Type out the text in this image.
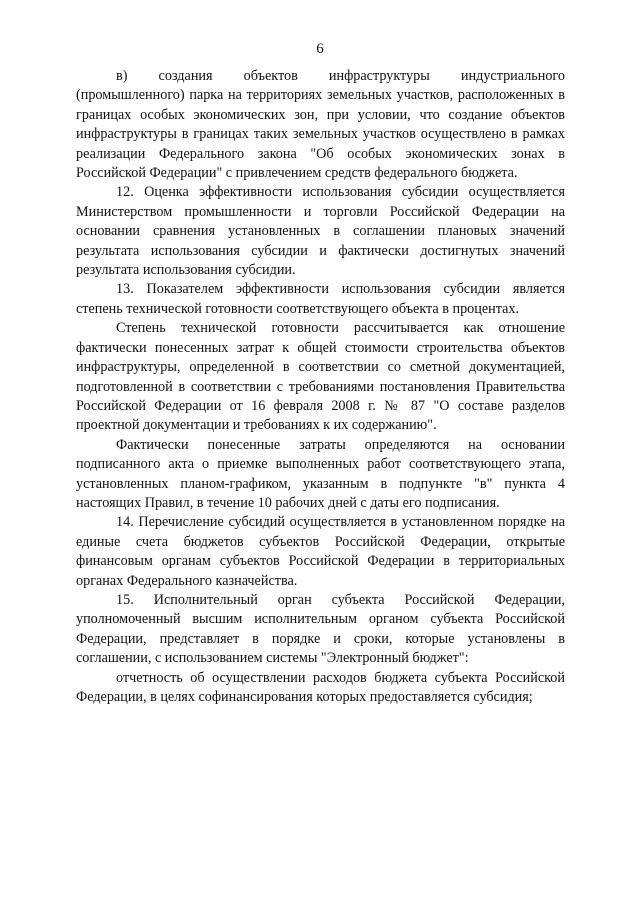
6

в) создания объектов инфраструктуры индустриального (промышленного) парка на территориях земельных участков, расположенных в границах особых экономических зон, при условии, что создание объектов инфраструктуры в границах таких земельных участков осуществлено в рамках реализации Федерального закона "Об особых экономических зонах в Российской Федерации" с привлечением средств федерального бюджета.

12. Оценка эффективности использования субсидии осуществляется Министерством промышленности и торговли Российской Федерации на основании сравнения установленных в соглашении плановых значений результата использования субсидии и фактически достигнутых значений результата использования субсидии.

13. Показателем эффективности использования субсидии является степень технической готовности соответствующего объекта в процентах.

Степень технической готовности рассчитывается как отношение фактически понесенных затрат к общей стоимости строительства объектов инфраструктуры, определенной в соответствии со сметной документацией, подготовленной в соответствии с требованиями постановления Правительства Российской Федерации от 16 февраля 2008 г. № 87 "О составе разделов проектной документации и требованиях к их содержанию".

Фактически понесенные затраты определяются на основании подписанного акта о приемке выполненных работ соответствующего этапа, установленных планом-графиком, указанным в подпункте "в" пункта 4 настоящих Правил, в течение 10 рабочих дней с даты его подписания.

14. Перечисление субсидий осуществляется в установленном порядке на единые счета бюджетов субъектов Российской Федерации, открытые финансовым органам субъектов Российской Федерации в территориальных органах Федерального казначейства.

15. Исполнительный орган субъекта Российской Федерации, уполномоченный высшим исполнительным органом субъекта Российской Федерации, представляет в порядке и сроки, которые установлены в соглашении, с использованием системы "Электронный бюджет":

отчетность об осуществлении расходов бюджета субъекта Российской Федерации, в целях софинансирования которых предоставляется субсидия;
